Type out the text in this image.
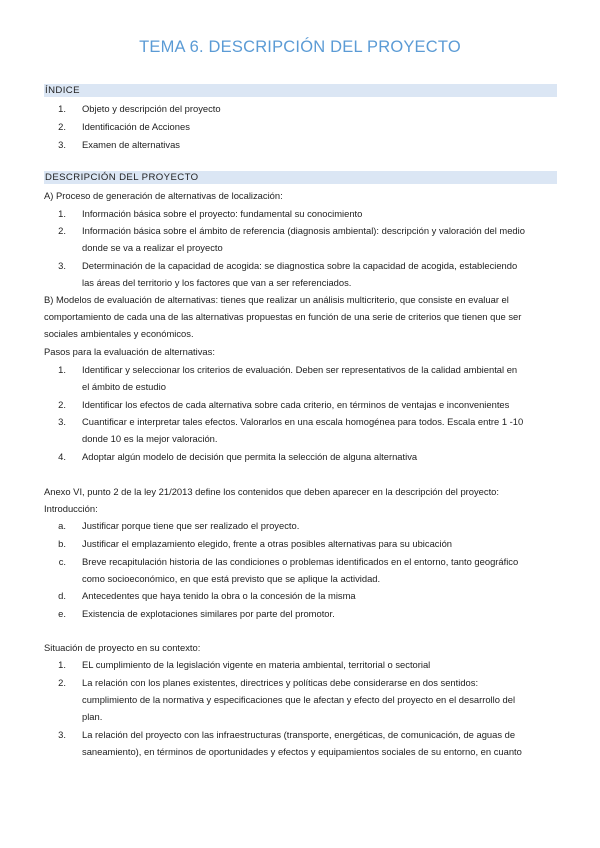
TEMA 6. DESCRIPCIÓN DEL PROYECTO
ÍNDICE
1. Objeto y descripción del proyecto
2. Identificación de Acciones
3. Examen de alternativas
DESCRIPCIÓN DEL PROYECTO
A) Proceso de generación de alternativas de localización:
1. Información básica sobre el proyecto: fundamental su conocimiento
2. Información básica sobre el ámbito de referencia (diagnosis ambiental): descripción y valoración del medio
donde se va a realizar el proyecto
3. Determinación de la capacidad de acogida: se diagnostica sobre la capacidad de acogida, estableciendo
las áreas del territorio y los factores que van a ser referenciados.
B) Modelos de evaluación de alternativas: tienes que realizar un análisis multicriterio, que consiste en evaluar el
comportamiento de cada una de las alternativas propuestas en función de una serie de criterios que tienen que ser
sociales ambientales y económicos.
Pasos para la evaluación de alternativas:
1. Identificar y seleccionar los criterios de evaluación. Deben ser representativos de la calidad ambiental en
el ámbito de estudio
2. Identificar los efectos de cada alternativa sobre cada criterio, en términos de ventajas e inconvenientes
3. Cuantificar e interpretar tales efectos. Valorarlos en una escala homogénea para todos. Escala entre 1 -10
donde 10 es la mejor valoración.
4. Adoptar algún modelo de decisión que permita la selección de alguna alternativa
Anexo VI, punto 2 de la ley 21/2013 define los contenidos que deben aparecer en la descripción del proyecto:
Introducción:
a. Justificar porque tiene que ser realizado el proyecto.
b. Justificar el emplazamiento elegido, frente a otras posibles alternativas para su ubicación
c. Breve recapitulación historia de las condiciones o problemas identificados en el entorno, tanto geográfico
como socioeconómico, en que está previsto que se aplique la actividad.
d. Antecedentes que haya tenido la obra o la concesión de la misma
e. Existencia de explotaciones similares por parte del promotor.
Situación de proyecto en su contexto:
1. EL cumplimiento de la legislación vigente en materia ambiental, territorial o sectorial
2. La relación con los planes existentes, directrices y políticas debe considerarse en dos sentidos:
cumplimiento de la normativa y especificaciones que le afectan y efecto del proyecto en el desarrollo del
plan.
3. La relación del proyecto con las infraestructuras (transporte, energéticas, de comunicación, de aguas de
saneamiento), en términos de oportunidades y efectos y equipamientos sociales de su entorno, en cuanto
